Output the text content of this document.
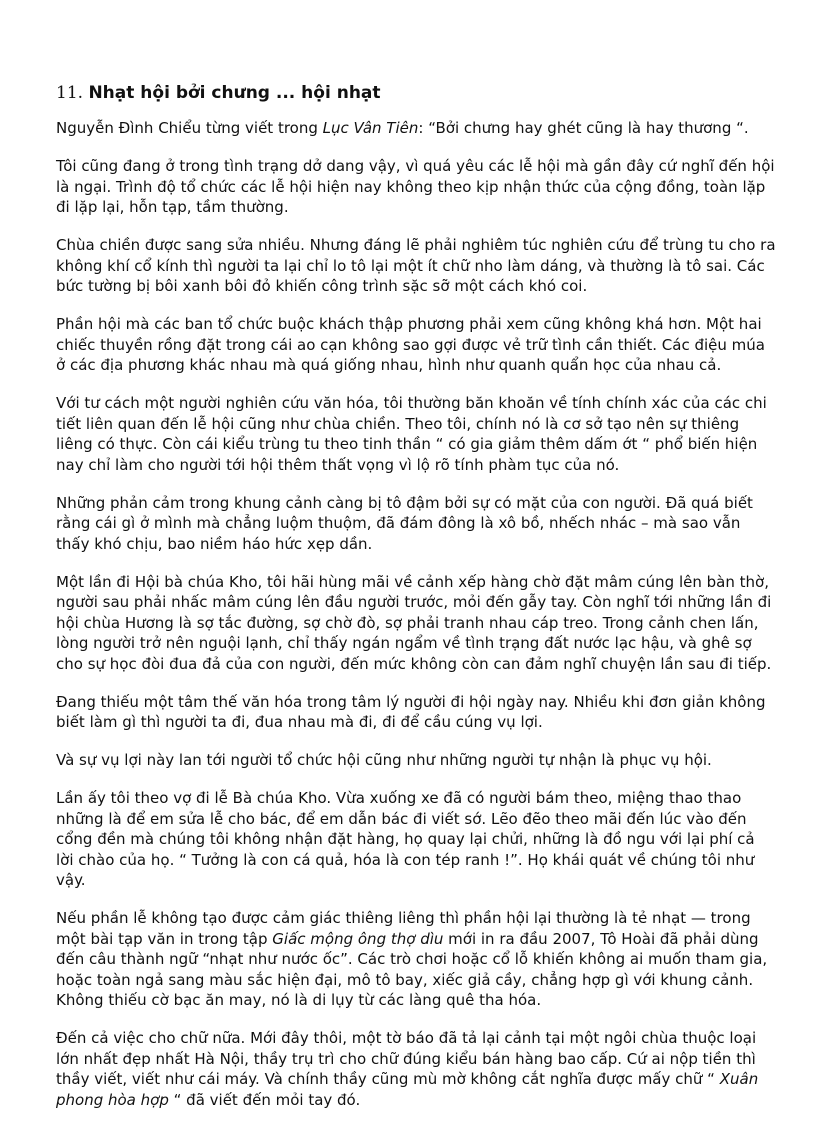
11. Nhạt hội bởi chưng ... hội nhạt

Nguyễn Đình Chiểu từng viết trong Lục Vân Tiên: “Bởi chưng hay ghét cũng là hay thương “.

Tôi cũng đang ở trong tình trạng dở dang vậy, vì quá yêu các lễ hội mà gần đây cứ nghĩ đến hội là ngại. Trình độ tổ chức các lễ hội hiện nay không theo kịp nhận thức của cộng đồng, toàn lặp đi lặp lại, hỗn tạp, tầm thường.

Chùa chiền được sang sửa nhiều. Nhưng đáng lẽ phải nghiêm túc nghiên cứu để trùng tu cho ra không khí cổ kính thì người ta lại chỉ lo tô lại một ít chữ nho làm dáng, và thường là tô sai. Các bức tường bị bôi xanh bôi đỏ khiến công trình sặc sỡ một cách khó coi.

Phần hội mà các ban tổ chức buộc khách thập phương phải xem cũng không khá hơn. Một hai chiếc thuyền rồng đặt trong cái ao cạn không sao gợi được vẻ trữ tình cần thiết. Các điệu múa ở các địa phương khác nhau mà quá giống nhau, hình như quanh quẩn học của nhau cả.

Với tư cách một người nghiên cứu văn hóa, tôi thường băn khoăn về tính chính xác của các chi tiết liên quan đến lễ hội cũng như chùa chiền. Theo tôi, chính nó là cơ sở tạo nên sự thiêng liêng có thực. Còn cái kiểu trùng tu theo tinh thần “ có gia giảm thêm dấm ớt “ phổ biến hiện nay chỉ làm cho người tới hội thêm thất vọng vì lộ rõ tính phàm tục của nó.

Những phản cảm trong khung cảnh càng bị tô đậm bởi sự có mặt của con người. Đã quá biết rằng cái gì ở mình mà chẳng luộm thuộm, đã đám đông là xô bồ, nhếch nhác – mà sao vẫn thấy khó chịu, bao niềm háo hức xẹp dần.

Một lần đi Hội bà chúa Kho, tôi hãi hùng mãi về cảnh xếp hàng chờ đặt mâm cúng lên bàn thờ, người sau phải nhấc mâm cúng lên đầu người trước, mỏi đến gẫy tay. Còn nghĩ tới những lần đi hội chùa Hương là sợ tắc đường, sợ chờ đò, sợ phải tranh nhau cáp treo. Trong cảnh chen lấn, lòng người trở nên nguội lạnh, chỉ thấy ngán ngẩm về tình trạng đất nước lạc hậu, và ghê sợ cho sự học đòi đua đả của con người, đến mức không còn can đảm nghĩ chuyện lần sau đi tiếp.

Đang thiếu một tâm thế văn hóa trong tâm lý người đi hội ngày nay. Nhiều khi đơn giản không biết làm gì thì người ta đi, đua nhau mà đi, đi để cầu cúng vụ lợi.

Và sự vụ lợi này lan tới người tổ chức hội cũng như những người tự nhận là phục vụ hội.

Lần ấy tôi theo vợ đi lễ Bà chúa Kho. Vừa xuống xe đã có người bám theo, miệng thao thao những là để em sửa lễ cho bác, để em dẫn bác đi viết sớ. Lẽo đẽo theo mãi đến lúc vào đến cổng đền mà chúng tôi không nhận đặt hàng, họ quay lại chửi, những là đồ ngu với lại phí cả lời chào của họ. “ Tưởng là con cá quả, hóa là con tép ranh !”. Họ khái quát về chúng tôi như vậy.

Nếu phần lễ không tạo được cảm giác thiêng liêng thì phần hội lại thường là tẻ nhạt — trong một bài tạp văn in trong tập Giấc mộng ông thợ dìu mới in ra đầu 2007, Tô Hoài đã phải dùng đến câu thành ngữ “nhạt như nước ốc”. Các trò chơi hoặc cổ lỗ khiến không ai muốn tham gia, hoặc toàn ngả sang màu sắc hiện đại, mô tô bay, xiếc giả cầy, chẳng hợp gì với khung cảnh. Không thiếu cờ bạc ăn may, nó là di lụy từ các làng quê tha hóa.

Đến cả việc cho chữ nữa. Mới đây thôi, một tờ báo đã tả lại cảnh tại một ngôi chùa thuộc loại lớn nhất đẹp nhất Hà Nội, thầy trụ trì cho chữ đúng kiểu bán hàng bao cấp. Cứ ai nộp tiền thì thầy viết, viết như cái máy. Và chính thầy cũng mù mờ không cắt nghĩa được mấy chữ “ Xuân phong hòa hợp “ đã viết đến mỏi tay đó.
